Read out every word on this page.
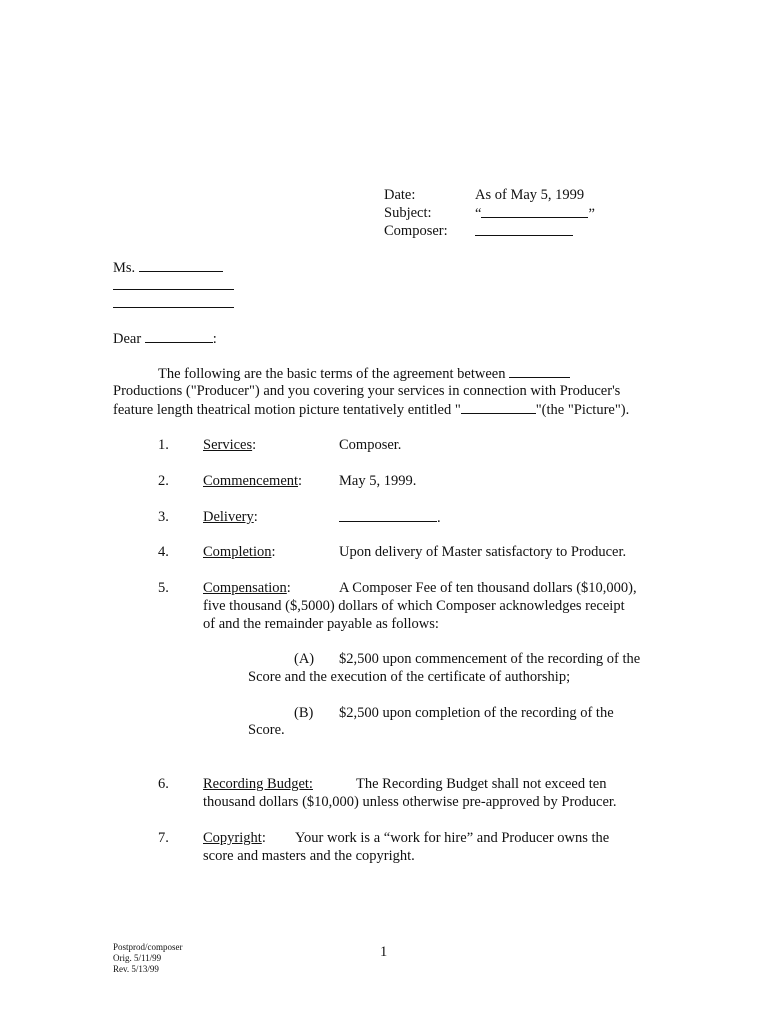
Date:	As of May 5, 1999
Subject:	“	”
Composer:
Ms.
Dear	:
The following are the basic terms of the agreement between
Productions ("Producer") and you covering your services in connection with Producer's
feature length theatrical motion picture tentatively entitled "	"(the "Picture").
1. Services:	Composer.
2. Commencement:	May 5, 1999.
3. Delivery:	.
4. Completion:	Upon delivery of Master satisfactory to Producer.
5. Compensation:	A Composer Fee of ten thousand dollars ($10,000),
five thousand ($,5000) dollars of which Composer acknowledges receipt
of and the remainder payable as follows:
(A) $2,500 upon commencement of the recording of the
Score and the execution of the certificate of authorship;
(B) $2,500 upon completion of the recording of the
Score.
6. Recording Budget:	The Recording Budget shall not exceed ten
thousand dollars ($10,000) unless otherwise pre-approved by Producer.
7. Copyright: Your work is a “work for hire” and Producer owns the
score and masters and the copyright.
Postprod/composer
Orig. 5/11/99
Rev. 5/13/99
1
